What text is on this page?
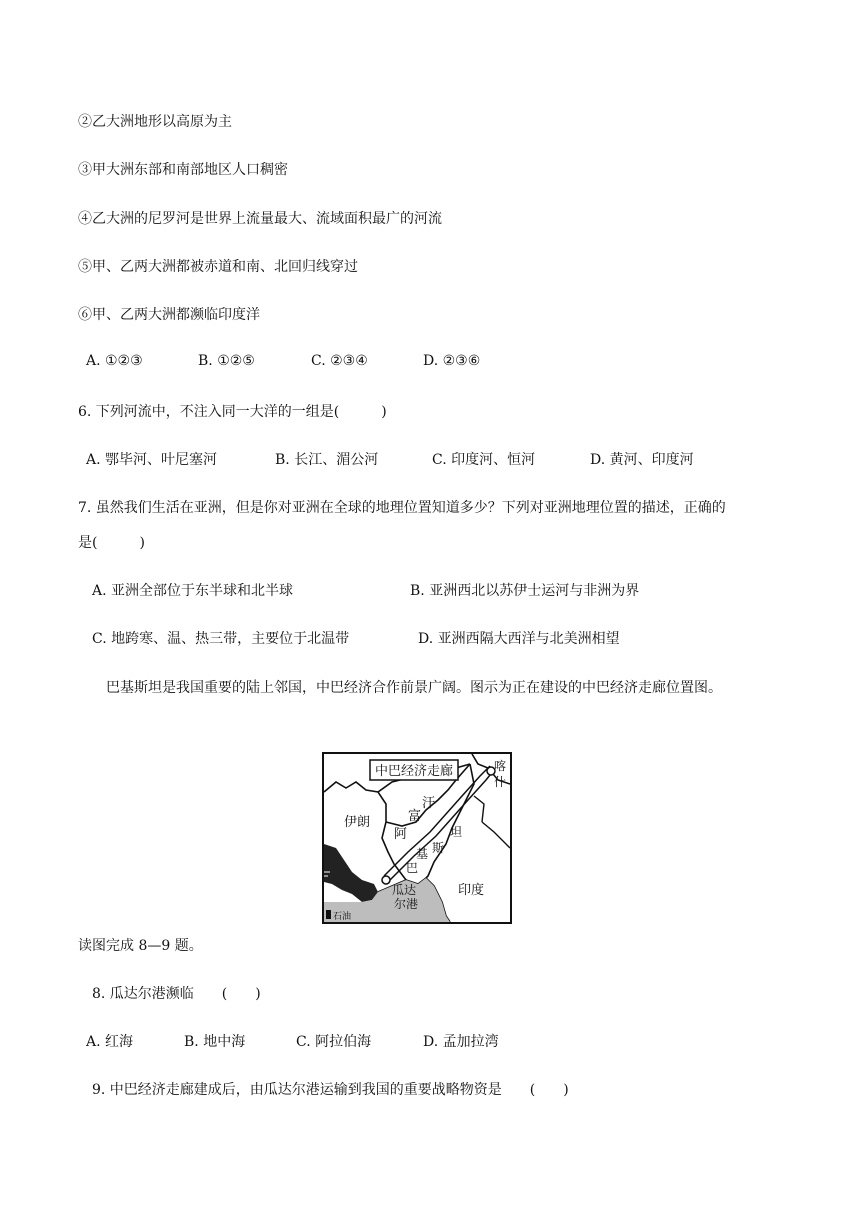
②乙大洲地形以高原为主
③甲大洲东部和南部地区人口稠密
④乙大洲的尼罗河是世界上流量最大、流域面积最广的河流
⑤甲、乙两大洲都被赤道和南、北回归线穿过
⑥甲、乙两大洲都濒临印度洋
A. ①②③	B. ①②⑤	C. ②③④	D. ②③⑥
6. 下列河流中，不注入同一大洋的一组是(　　　)
A. 鄂毕河、叶尼塞河	B. 长江、湄公河	C. 印度河、恒河	D. 黄河、印度河
7. 虽然我们生活在亚洲，但是你对亚洲在全球的地理位置知道多少？下列对亚洲地理位置的描述，正确的
是(　　　)
A. 亚洲全部位于东半球和北半球	B. 亚洲西北以苏伊士运河与非洲为界
C. 地跨寒、温、热三带，主要位于北温带	D. 亚洲西隔大西洋与北美洲相望
巴基斯坦是我国重要的陆上邻国，中巴经济合作前景广阔。图示为正在建设的中巴经济走廊位置图。
中巴经济走廊	喀
什
伊朗	富
汗
阿	坦
斯
基
巴
瓜达
尔港
印度
石油
读图完成 8—9 题。
8. 瓜达尔港濒临　　(　　)
A. 红海	B. 地中海	C. 阿拉伯海	D. 孟加拉湾
9. 中巴经济走廊建成后，由瓜达尔港运输到我国的重要战略物资是　　(　　)
